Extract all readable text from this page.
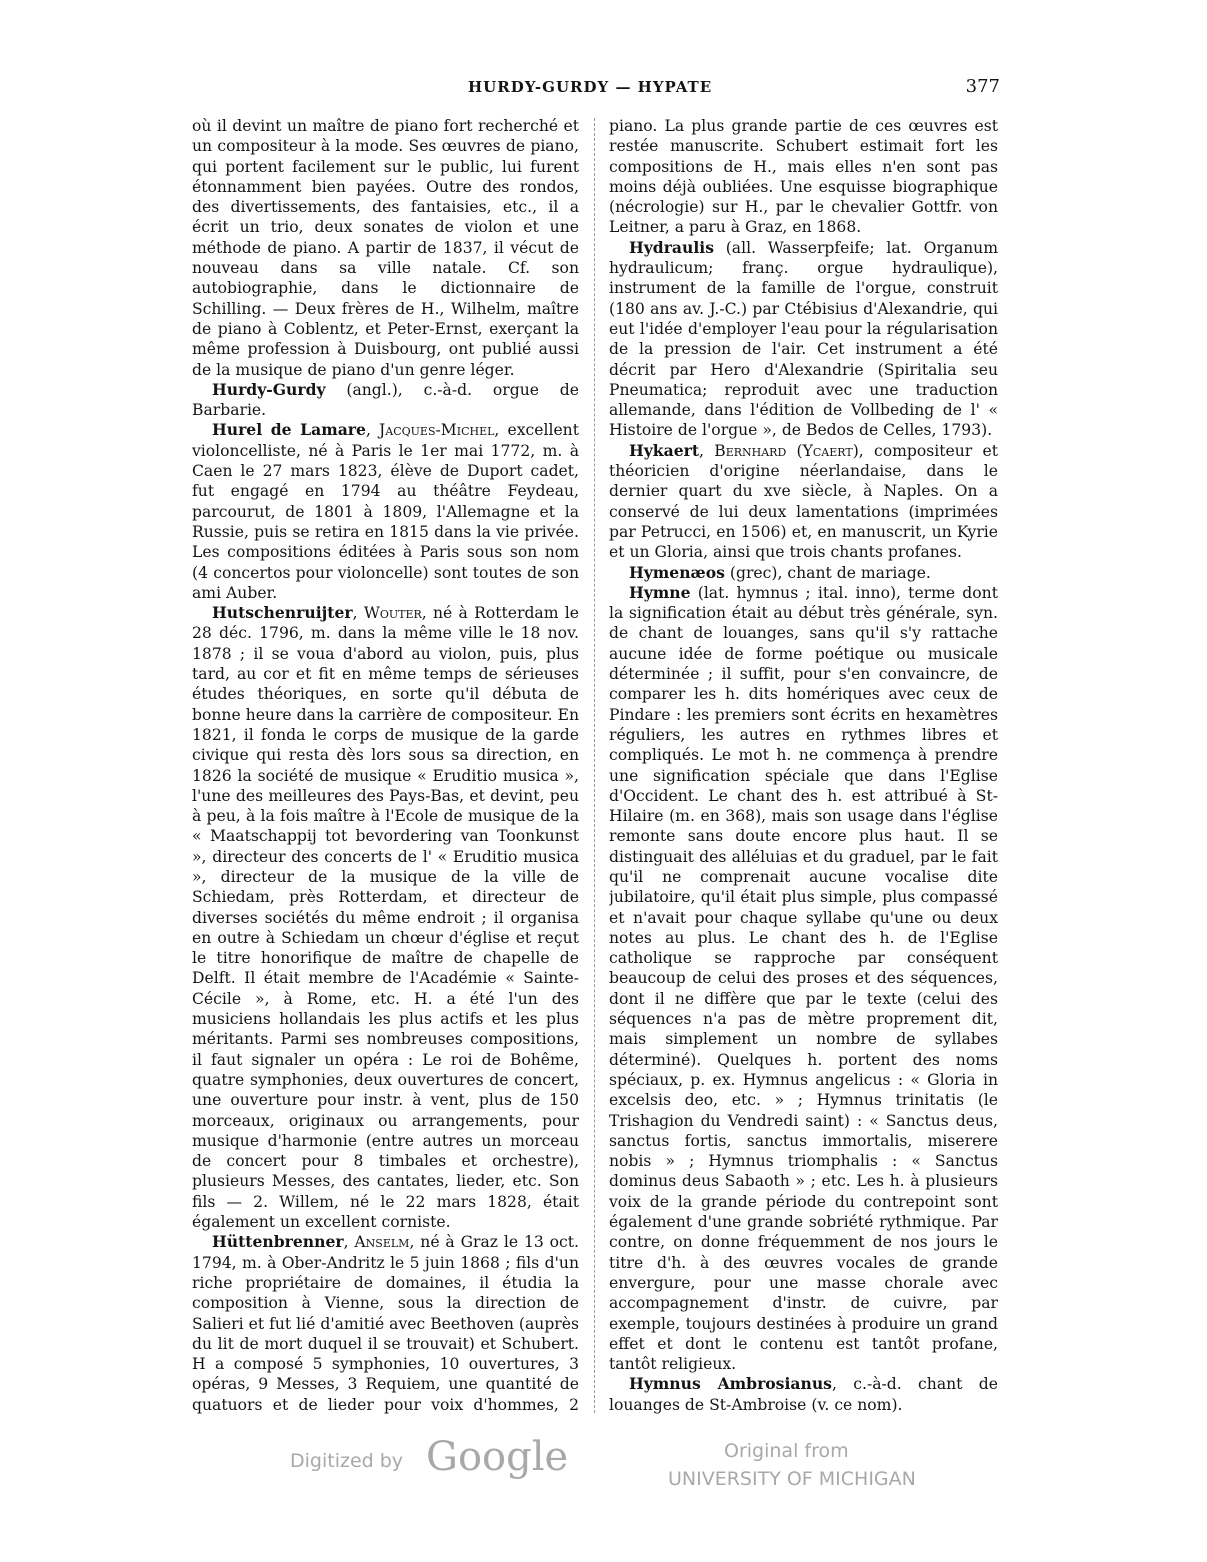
HURDY-GURDY — HYPATE	377

où il devint un maître de piano fort recherché et un compositeur à la mode. Ses œuvres de piano, qui portent facilement sur le public, lui furent étonnamment bien payées. Outre des rondos, des divertissements, des fantaisies, etc., il a écrit un trio, deux sonates de violon et une méthode de piano. A partir de 1837, il vécut de nouveau dans sa ville natale. Cf. son autobiographie, dans le dictionnaire de Schilling. — Deux frères de H., Wilhelm, maître de piano à Coblentz, et Peter-Ernst, exerçant la même profession à Duisbourg, ont publié aussi de la musique de piano d'un genre léger.

Hurdy-Gurdy (angl.), c.-à-d. orgue de Barbarie.

Hurel de Lamare, Jacques-Michel, excellent violoncelliste, né à Paris le 1er mai 1772, m. à Caen le 27 mars 1823, élève de Duport cadet, fut engagé en 1794 au théâtre Feydeau, parcourut, de 1801 à 1809, l'Allemagne et la Russie, puis se retira en 1815 dans la vie privée. Les compositions éditées à Paris sous son nom (4 concertos pour violoncelle) sont toutes de son ami Auber.

Hutschenruijter, Wouter, né à Rotterdam le 28 déc. 1796, m. dans la même ville le 18 nov. 1878 ; il se voua d'abord au violon, puis, plus tard, au cor et fit en même temps de sérieuses études théoriques, en sorte qu'il débuta de bonne heure dans la carrière de compositeur. En 1821, il fonda le corps de musique de la garde civique qui resta dès lors sous sa direction, en 1826 la société de musique « Eruditio musica », l'une des meilleures des Pays-Bas, et devint, peu à peu, à la fois maître à l'Ecole de musique de la « Maatschappij tot bevordering van Toonkunst », directeur des concerts de l' « Eruditio musica », directeur de la musique de la ville de Schiedam, près Rotterdam, et directeur de diverses sociétés du même endroit ; il organisa en outre à Schiedam un chœur d'église et reçut le titre honorifique de maître de chapelle de Delft. Il était membre de l'Académie « Sainte-Cécile », à Rome, etc. H. a été l'un des musiciens hollandais les plus actifs et les plus méritants. Parmi ses nombreuses compositions, il faut signaler un opéra : Le roi de Bohême, quatre symphonies, deux ouvertures de concert, une ouverture pour instr. à vent, plus de 150 morceaux, originaux ou arrangements, pour musique d'harmonie (entre autres un morceau de concert pour 8 timbales et orchestre), plusieurs Messes, des cantates, lieder, etc. Son fils — 2. Willem, né le 22 mars 1828, était également un excellent corniste.

Hüttenbrenner, Anselm, né à Graz le 13 oct. 1794, m. à Ober-Andritz le 5 juin 1868 ; fils d'un riche propriétaire de domaines, il étudia la composition à Vienne, sous la direction de Salieri et fut lié d'amitié avec Beethoven (auprès du lit de mort duquel il se trouvait) et Schubert. H a composé 5 symphonies, 10 ouvertures, 3 opéras, 9 Messes, 3 Requiem, une quantité de quatuors et de lieder pour voix d'hommes, 2

piano. La plus grande partie de ces œuvres est restée manuscrite. Schubert estimait fort les compositions de H., mais elles n'en sont pas moins déjà oubliées. Une esquisse biographique (nécrologie) sur H., par le chevalier Gottfr. von Leitner, a paru à Graz, en 1868.

Hydraulis (all. Wasserpfeife; lat. Organum hydraulicum; franç. orgue hydraulique), instrument de la famille de l'orgue, construit (180 ans av. J.-C.) par Ctébisius d'Alexandrie, qui eut l'idée d'employer l'eau pour la régularisation de la pression de l'air. Cet instrument a été décrit par Hero d'Alexandrie (Spiritalia seu Pneumatica; reproduit avec une traduction allemande, dans l'édition de Vollbeding de l' « Histoire de l'orgue », de Bedos de Celles, 1793).

Hykaert, Bernhard (Ycaert), compositeur et théoricien d'origine néerlandaise, dans le dernier quart du xve siècle, à Naples. On a conservé de lui deux lamentations (imprimées par Petrucci, en 1506) et, en manuscrit, un Kyrie et un Gloria, ainsi que trois chants profanes.

Hymenæos (grec), chant de mariage.

Hymne (lat. hymnus ; ital. inno), terme dont la signification était au début très générale, syn. de chant de louanges, sans qu'il s'y rattache aucune idée de forme poétique ou musicale déterminée ; il suffit, pour s'en convaincre, de comparer les h. dits homériques avec ceux de Pindare : les premiers sont écrits en hexamètres réguliers, les autres en rythmes libres et compliqués. Le mot h. ne commença à prendre une signification spéciale que dans l'Eglise d'Occident. Le chant des h. est attribué à St-Hilaire (m. en 368), mais son usage dans l'église remonte sans doute encore plus haut. Il se distinguait des alléluias et du graduel, par le fait qu'il ne comprenait aucune vocalise dite jubilatoire, qu'il était plus simple, plus compassé et n'avait pour chaque syllabe qu'une ou deux notes au plus. Le chant des h. de l'Eglise catholique se rapproche par conséquent beaucoup de celui des proses et des séquences, dont il ne diffère que par le texte (celui des séquences n'a pas de mètre proprement dit, mais simplement un nombre de syllabes déterminé). Quelques h. portent des noms spéciaux, p. ex. Hymnus angelicus : « Gloria in excelsis deo, etc. » ; Hymnus trinitatis (le Trishagion du Vendredi saint) : « Sanctus deus, sanctus fortis, sanctus immortalis, miserere nobis » ; Hymnus triomphalis : « Sanctus dominus deus Sabaoth » ; etc. Les h. à plusieurs voix de la grande période du contrepoint sont également d'une grande sobriété rythmique. Par contre, on donne fréquemment de nos jours le titre d'h. à des œuvres vocales de grande envergure, pour une masse chorale avec accompagnement d'instr. de cuivre, par exemple, toujours destinées à produire un grand effet et dont le contenu est tantôt profane, tantôt religieux.

Hymnus Ambrosianus, c.-à-d. chant de louanges de St-Ambroise (v. ce nom).

Digitized by Google	Original from
UNIVERSITY OF MICHIGAN
